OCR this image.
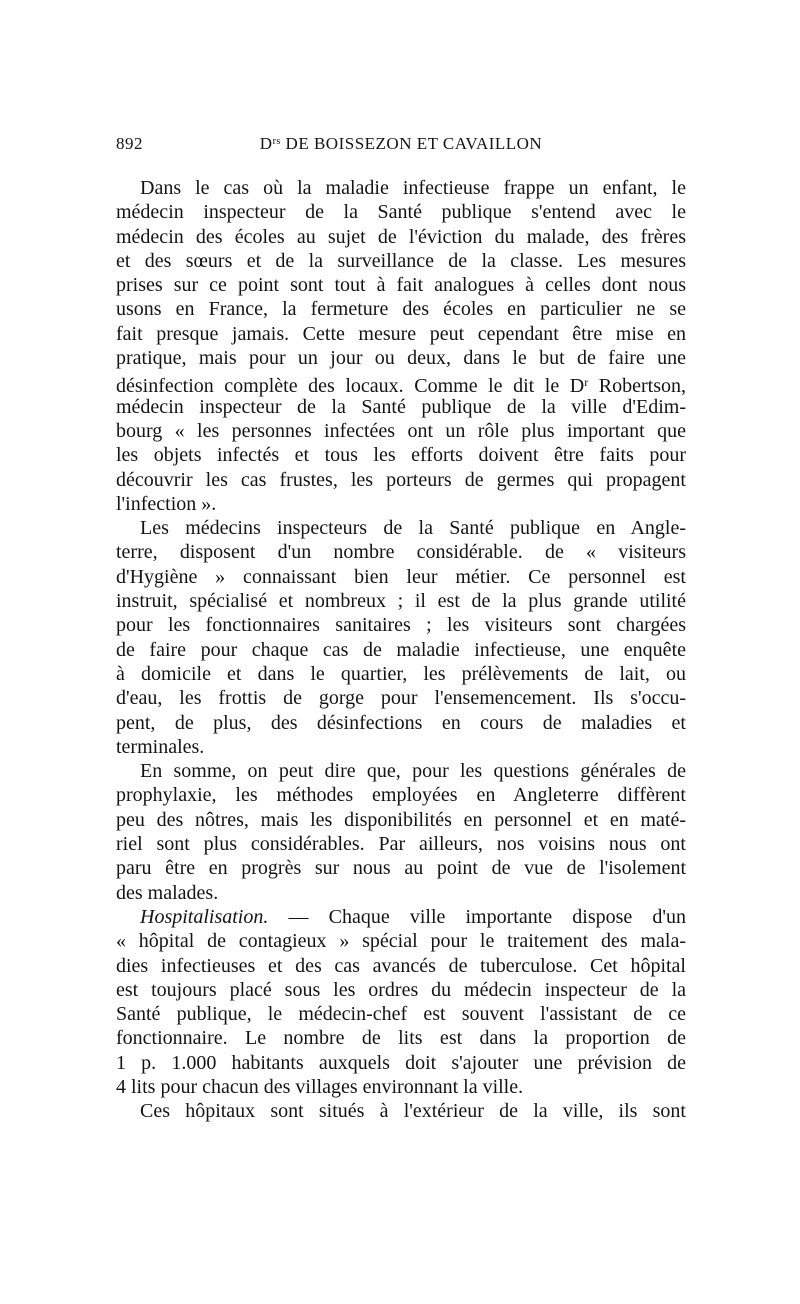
892	$D^{rs}$ DE BOISSEZON ET CAVAILLON
Dans le cas où la maladie infectieuse frappe un enfant, le
médecin inspecteur de la Santé publique s'entend avec le
médecin des écoles au sujet de l'éviction du malade, des frères
et des sœurs et de la surveillance de la classe. Les mesures
prises sur ce point sont tout à fait analogues à celles dont nous
usons en France, la fermeture des écoles en particulier ne se
fait presque jamais. Cette mesure peut cependant être mise en
pratique, mais pour un jour ou deux, dans le but de faire une
désinfection complète des locaux. Comme le dit le $D^r$ Robertson,
médecin inspecteur de la Santé publique de la ville d'Edim-
bourg « les personnes infectées ont un rôle plus important que
les objets infectés et tous les efforts doivent être faits pour
découvrir les cas frustes, les porteurs de germes qui propagent
l'infection ».
Les médecins inspecteurs de la Santé publique en Angle-
terre, disposent d'un nombre considérable. de « visiteurs
d'Hygiène » connaissant bien leur métier. Ce personnel est
instruit, spécialisé et nombreux ; il est de la plus grande utilité
pour les fonctionnaires sanitaires ; les visiteurs sont chargées
de faire pour chaque cas de maladie infectieuse, une enquête
à domicile et dans le quartier, les prélèvements de lait, ou
d'eau, les frottis de gorge pour l'ensemencement. Ils s'occu-
pent, de plus, des désinfections en cours de maladies et
terminales.
En somme, on peut dire que, pour les questions générales de
prophylaxie, les méthodes employées en Angleterre diffèrent
peu des nôtres, mais les disponibilités en personnel et en maté-
riel sont plus considérables. Par ailleurs, nos voisins nous ont
paru être en progrès sur nous au point de vue de l'isolement
des malades.
Hospitalisation. — Chaque ville importante dispose d'un
« hôpital de contagieux » spécial pour le traitement des mala-
dies infectieuses et des cas avancés de tuberculose. Cet hôpital
est toujours placé sous les ordres du médecin inspecteur de la
Santé publique, le médecin-chef est souvent l'assistant de ce
fonctionnaire. Le nombre de lits est dans la proportion de
1 p. 1.000 habitants auxquels doit s'ajouter une prévision de
4 lits pour chacun des villages environnant la ville.
Ces hôpitaux sont situés à l'extérieur de la ville, ils sont
